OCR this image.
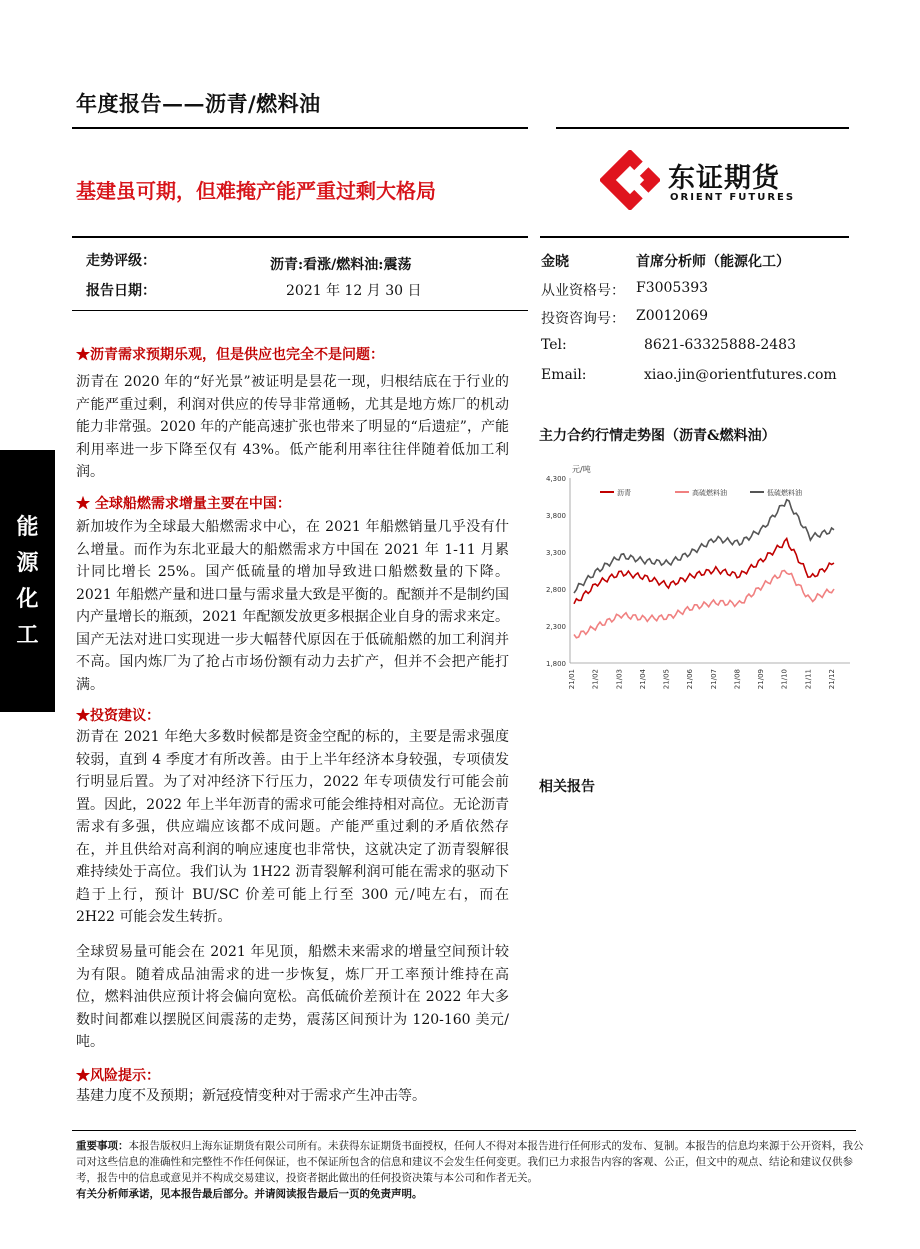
年度报告——沥青/燃料油
基建虽可期，但难掩产能严重过剩大格局	东证期货
ORIENT FUTURES
走势评级：	沥青:看涨/燃料油:震荡
报告日期：	2021 年 12 月 30 日
金晓	首席分析师（能源化工）
从业资格号： F3005393
投资咨询号： Z0012069
Tel:	8621-63325888-2483
Email:	xiao.jin@orientfutures.com
能
源
化
工
★沥青需求预期乐观，但是供应也完全不是问题：
沥青在 2020 年的“好光景”被证明是昙花一现，归根结底在于行业的产能严重过剩，利润对供应的传导非常通畅，尤其是地方炼厂的机动能力非常强。2020 年的产能高速扩张也带来了明显的“后遗症”，产能利用率进一步下降至仅有 43%。低产能利用率往往伴随着低加工利润。
★ 全球船燃需求增量主要在中国：
新加坡作为全球最大船燃需求中心，在 2021 年船燃销量几乎没有什么增量。而作为东北亚最大的船燃需求方中国在 2021 年 1-11 月累计同比增长 25%。国产低硫量的增加导致进口船燃数量的下降。2021 年船燃产量和进口量与需求量大致是平衡的。配额并不是制约国内产量增长的瓶颈，2021 年配额发放更多根据企业自身的需求来定。国产无法对进口实现进一步大幅替代原因在于低硫船燃的加工利润并不高。国内炼厂为了抢占市场份额有动力去扩产，但并不会把产能打满。
★投资建议：
沥青在 2021 年绝大多数时候都是资金空配的标的，主要是需求强度较弱，直到 4 季度才有所改善。由于上半年经济本身较强，专项债发行明显后置。为了对冲经济下行压力，2022 年专项债发行可能会前置。因此，2022 年上半年沥青的需求可能会维持相对高位。无论沥青需求有多强，供应端应该都不成问题。产能严重过剩的矛盾依然存在，并且供给对高利润的响应速度也非常快，这就决定了沥青裂解很难持续处于高位。我们认为 1H22 沥青裂解利润可能在需求的驱动下趋于上行，预计 BU/SC 价差可能上行至 300 元/吨左右，而在 2H22 可能会发生转折。
全球贸易量可能会在 2021 年见顶，船燃未来需求的增量空间预计较为有限。随着成品油需求的进一步恢复，炼厂开工率预计维持在高位，燃料油供应预计将会偏向宽松。高低硫价差预计在 2022 年大多数时间都难以摆脱区间震荡的走势，震荡区间预计为 120-160 美元/吨。
★风险提示：
基建力度不及预期；新冠疫情变种对于需求产生冲击等。
主力合约行情走势图（沥青&燃料油）
元/吨
1,800
2,300
2,800
3,300
3,800
4,300
21/01 21/02 21/03 21/04 21/05 21/06 21/07 21/08 21/09 21/10 21/11 21/12
沥青	高硫燃料油	低硫燃料油
相关报告
重要事项：本报告版权归上海东证期货有限公司所有。未获得东证期货书面授权，任何人不得对本报告进行任何形式的发布、复制。本报告的信息均来源于公开资料，我公司对这些信息的准确性和完整性不作任何保证，也不保证所包含的信息和建议不会发生任何变更。我们已力求报告内容的客观、公正，但文中的观点、结论和建议仅供参考，报告中的信息或意见并不构成交易建议，投资者据此做出的任何投资决策与本公司和作者无关。
有关分析师承诺，见本报告最后部分。并请阅读报告最后一页的免责声明。
